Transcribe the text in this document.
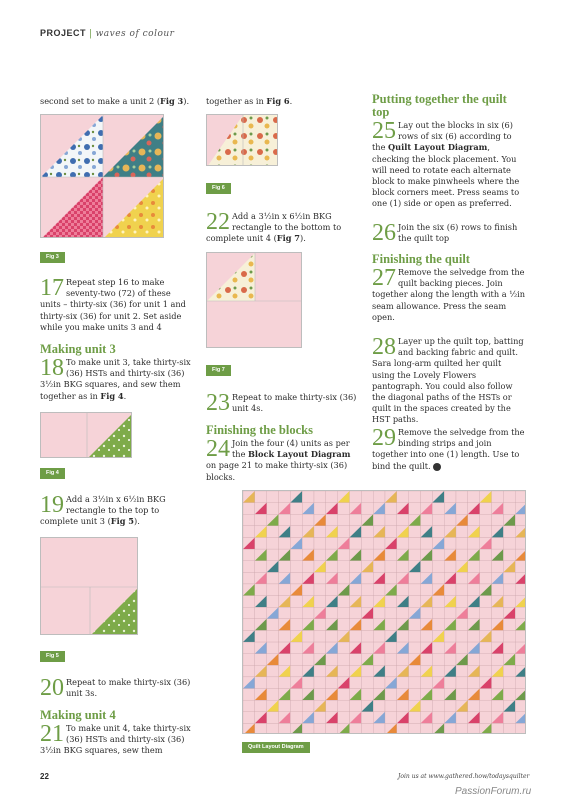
PROJECT | waves of colour
second set to make a unit 2 (Fig 3).
Fig 3
17 Repeat step 16 to make seventy-two (72) of these units – thirty-six (36) for unit 1 and thirty-six (36) for unit 2. Set aside while you make units 3 and 4
Making unit 3
18 To make unit 3, take thirty-six (36) HSTs and thirty-six (36) 3½in BKG squares, and sew them together as in Fig 4.
Fig 4
19 Add a 3½in x 6½in BKG rectangle to the top to complete unit 3 (Fig 5).
Fig 5
20 Repeat to make thirty-six (36) unit 3s.
Making unit 4
21 To make unit 4, take thirty-six (36) HSTs and thirty-six (36) 3½in BKG squares, sew them
together as in Fig 6.
Fig 6
22 Add a 3½in x 6½in BKG rectangle to the bottom to complete unit 4 (Fig 7).
Fig 7
23 Repeat to make thirty-six (36) unit 4s.
Finishing the blocks
24 Join the four (4) units as per the Block Layout Diagram on page 21 to make thirty-six (36) blocks.
Putting together the quilt top
25 Lay out the blocks in six (6) rows of six (6) according to the Quilt Layout Diagram, checking the block placement. You will need to rotate each alternate block to make pinwheels where the block corners meet. Press seams to one (1) side or open as preferred.
26 Join the six (6) rows to finish the quilt top
Finishing the quilt
27 Remove the selvedge from the quilt backing pieces. Join together along the length with a ½in seam allowance. Press the seam open.
28 Layer up the quilt top, batting and backing fabric and quilt. Sara long-arm quilted her quilt using the Lovely Flowers pantograph. You could also follow the diagonal paths of the HSTs or quilt in the spaces created by the HST paths.
29 Remove the selvedge from the binding strips and join together into one (1) length. Use to bind the quilt.
Quilt Layout Diagram
22	Join us at www.gathered.how/todaysquilter
PassionForum.ru
